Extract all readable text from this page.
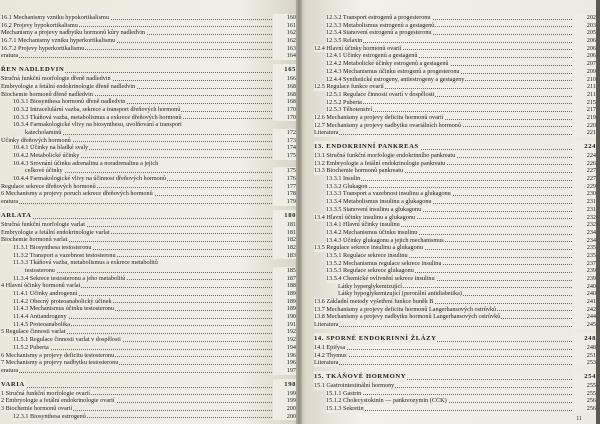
16.1 Mechanismy vzniku hypokortikalismu	160
16.2 Projevy hypokortikalismu	161
Mechanismy a projevy nadbytku hormonů kůry nadledvin	162
16.7.1 Mechanismy vzniku hyperkortikalismu	162
16.7.2 Projevy hyperkortikalismu	163
eratura	164
ŘEN NADLEDVIN	165
Stručná funkční morfologie dřeně nadledvin	166
Embryologie a fetální endokrinologie dřeně nadledvin	168
Biochemie hormonů dřeně nadledvin	168
10.3.1 Biosynthesa hormonů dřeně nadledvin	168
10.3.2 Intracelulární vazba, sekrece a transport dřeňových hormonů	170
10.3.3 Tkáňová vazba, metabolismus a exkrece dřeňových hormonů	170
10.3.4 Farmakologické vlivy na biosynthesu, uvolňování a transport
katecholaminů	172
Účinky dřeňových hormonů	173
10.4.1 Účinky na hladké svaly	174
10.4.2 Metabolické účinky	175
10.4.3 Srovnání účinku adrenalinu a noradrenalinu a jejich
celkové účinky	175
10.4.4 Farmakologické vlivy na účinnost dřeňových hormonů	176
Regulace sekrece dřeňových hormonů	177
6 Mechanismy a projevy poruch sekrece dřeňových hormonů	178
eratura	179
ARLATA	180
Stručná funkční morfologie varlat	181
Embryologie a fetální endokrinologie varlat	181
Biochemie hormonů varlat	182
11.3.1 Biosynthesa testosteronu	182
11.3.2 Transport a vazebnost testosteronu	183
11.3.3 Tkáňová vazba, metabolismus a exkrece metabolitů
testosteronu	185
11.3.4 Sekrece testosteronu a jeho metabolitů	187
4 Hlavní účinky hormonů varlat	188
11.4.1 Účinky androgenní	189
11.4.2 Obecný proteoanabolický účinek	189
11.4.3 Mechanismus účinku testosteronu	189
11.4.4 Antiandrogeny	190
11.4.5 Proteoanabolika	191
5 Regulace činnosti varlat	192
11.5.1 Regulace činnosti varlat v dospělosti	192
11.5.2 Puberta	194
6 Mechanismy a projevy deficitu testosteronu	196
7 Mechanismy a projevy nadbytku testosteronu	196
eratura	197
VARIA	198
1 Stručná funkční morfologie ovarií	199
2 Embryologie a fetální endokrinologie ovarií	199
3 Biochemie hormonů ovarií	200
12.3.1 Biosynthesa estrogenů	200
12.3.2 Transport estrogenů a progesteronu	202
12.3.3 Metabolismus estrogenů a gestagenů	203
12.3.4 Stanovení estrogenů a progesteronu	205
12.3.5 Relaxin	206
12.4 Hlavní účinky hormonů ovarií	206
12.4.1 Účinky estrogenů a gestagenů	206
12.4.2 Metabolické účinky estrogenů a gestagenů	207
12.4.3 Mechanismus účinku estrogenů a progesteronu	209
12.4.4 Synthetické estrogeny, antiestrogeny a gestageny	210
12.5 Regulace funkce ovarií	211
12.5.1 Regulace činnosti ovarií v dospělosti	211
12.5.2 Puberta	215
12.5.3 Těhotenství	217
12.6 Mechanismy a projevy deficitu hormonů ovarií	219
12.7 Mechanismy a projevy nadbytku ovariálních hormonů	220
Literatura	221
13. ENDOKRINNÍ PANKREAS	224
13.1 Stručná funkční morfologie endokrinního pankreatu	224
13.2 Embryologie a fetální endokrinologie pankreatu	226
13.3 Biochemie hormonů pankreatu	227
13.3.1 Insulin	227
13.3.2 Glukagon	229
13.3.3 Transport a vazebnost insulinu a glukagonu	230
13.3.4 Metabolismus insulinu a glukagonu	231
13.3.5 Stanovení insulinu a glukagonu	231
13.4 Hlavní účinky insulinu a glukagonu	232
13.4.1 Hlavní účinky insulinu	232
13.4.2 Mechanismus účinku insulinu	234
13.4.3 Účinky glukagonu a jejich mechanismus	234
13.5 Regulace sekrece insulinu a glukagonu	235
13.5.1 Regulace sekrece insulinu	235
13.5.2 Mechanismus regulace sekrece insulinu	237
13.5.3 Regulace sekrece glukagonu	239
13.5.4 Chemické ovlivnění sekrece insulinu	239
Látky hyperglykemizující	240
Látky hypoglykemizující (perorální antidiabetika)	240
13.6 Základní metody vyšetření funkce buněk B	241
13.7 Mechanismy a projevy deficitu hormonů Langerhansových ostrůvků	242
13.8 Mechanismy a projevy nadbytku hormonů Langerhansových ostrůvků	244
Literatura	245
14. SPORNÉ ENDOKRINNÍ ŽLÁZY	248
14.1 Epifysa	248
14.2 Thymus	251
Literatura	253
15. TKÁŇOVÉ HORMONY	254
15.1 Gastrointestinální hormony	255
15.1.1 Gastrin	255
15.1.2 Cholecystokinin — pankreozymin (CCK)	256
15.1.3 Sekretin	256
11
